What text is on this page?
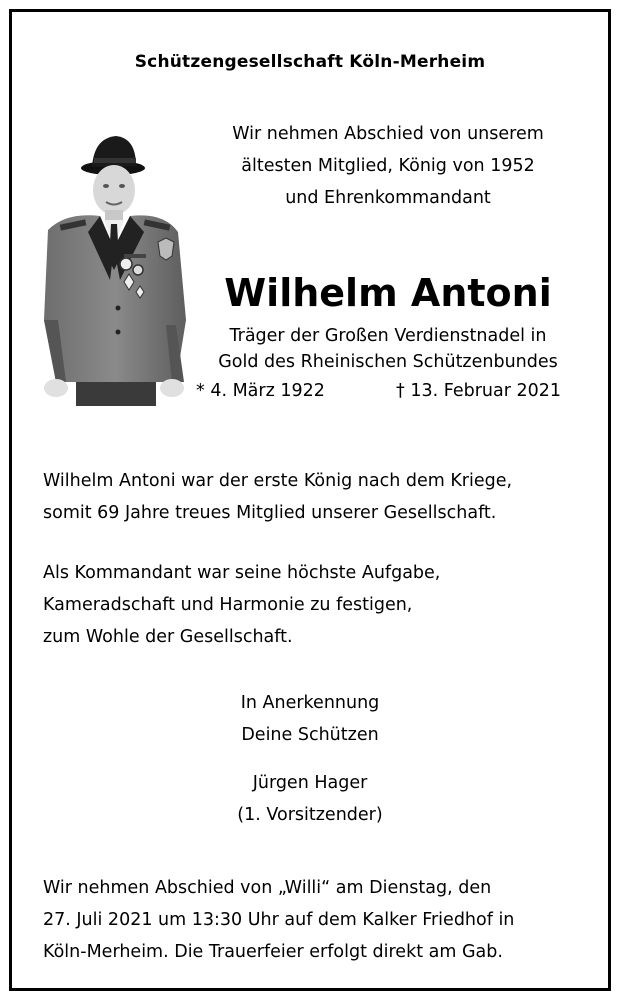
Schützengesellschaft Köln-Merheim
Wir nehmen Abschied von unserem
ältesten Mitglied, König von 1952
und Ehrenkommandant
Wilhelm Antoni
Träger der Großen Verdienstnadel in
Gold des Rheinischen Schützenbundes
* 4. März 1922	† 13. Februar 2021
Wilhelm Antoni war der erste König nach dem Kriege,
somit 69 Jahre treues Mitglied unserer Gesellschaft.
Als Kommandant war seine höchste Aufgabe,
Kameradschaft und Harmonie zu festigen,
zum Wohle der Gesellschaft.
In Anerkennung
Deine Schützen
Jürgen Hager
(1. Vorsitzender)
Wir nehmen Abschied von „Willi“ am Dienstag, den
27. Juli 2021 um 13:30 Uhr auf dem Kalker Friedhof in
Köln-Merheim. Die Trauerfeier erfolgt direkt am Gab.
